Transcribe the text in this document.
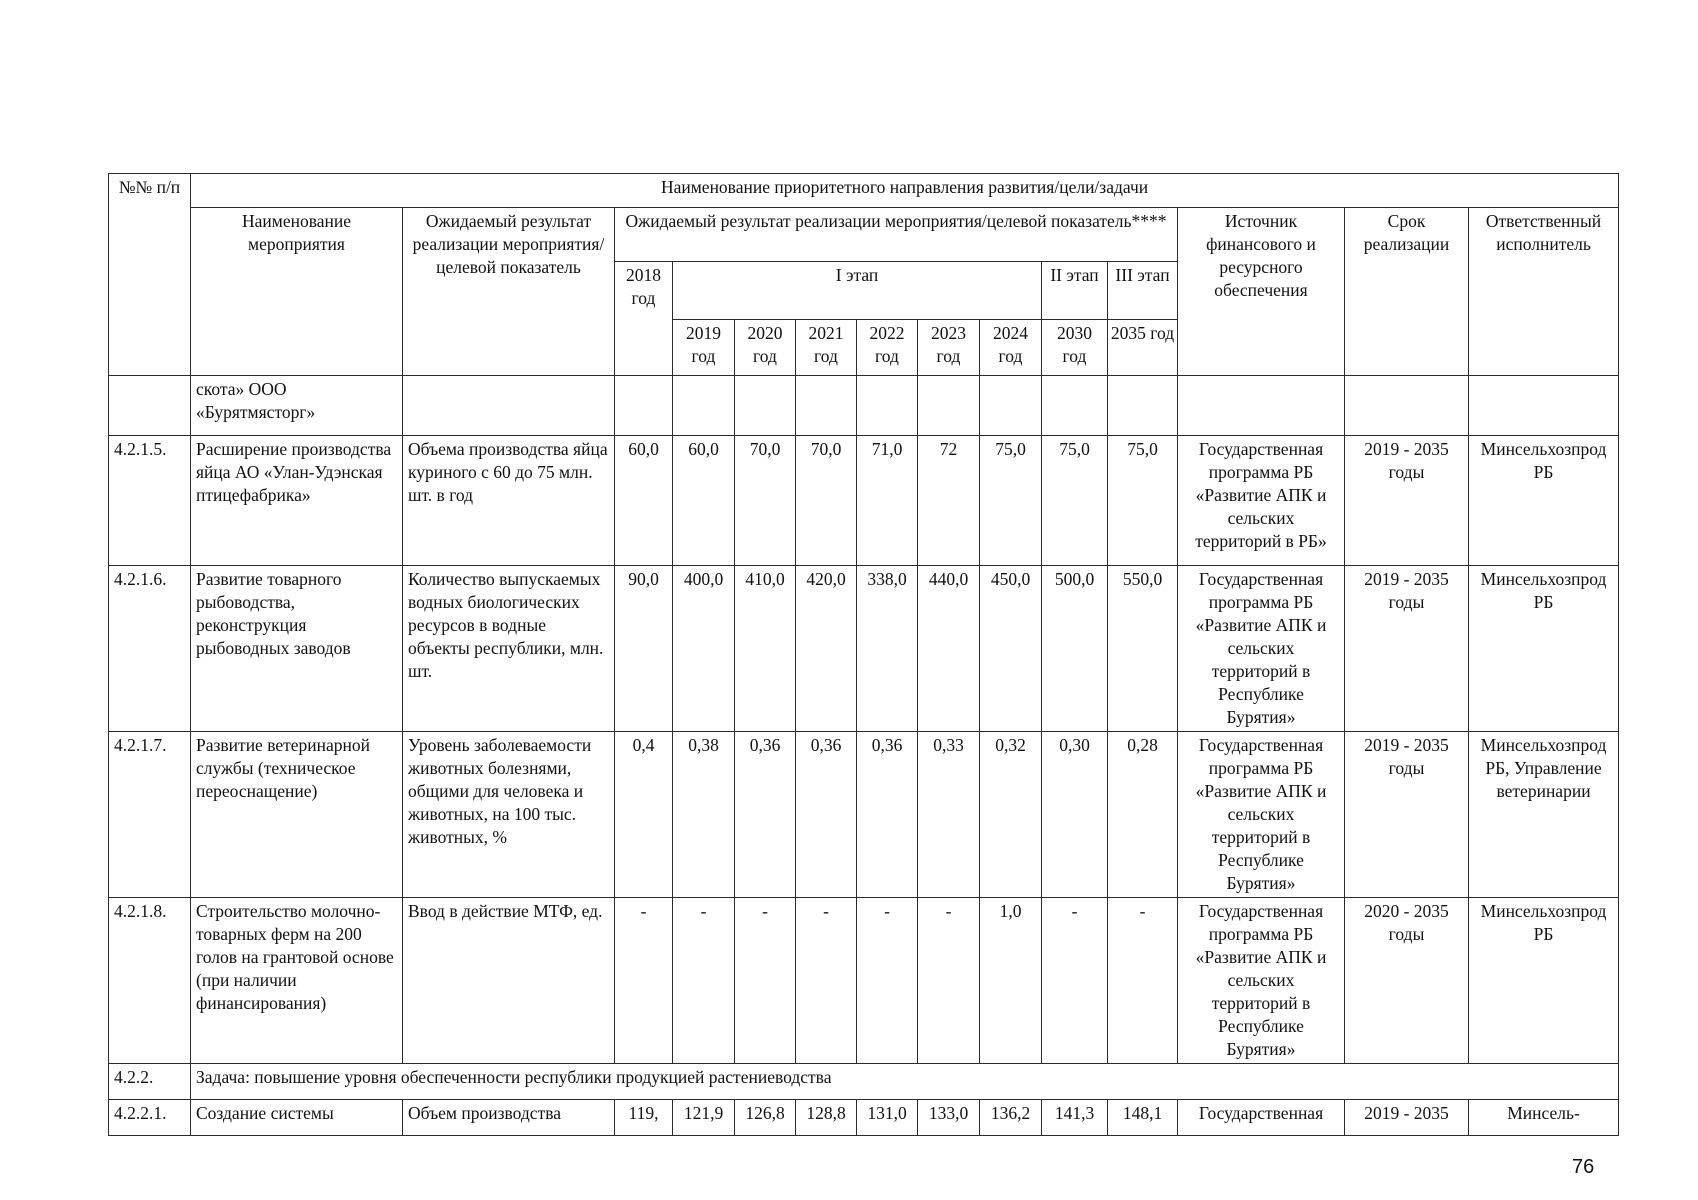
№№ п/п	Наименование приоритетного направления развития/цели/задачи													
	Наименование мероприятия	Ожидаемый результат реализации мероприятия/целевой показатель	Ожидаемый результат реализации мероприятия/целевой показатель****									Источник финансового и ресурсного обеспечения	Срок реализации	Ответственный исполнитель
			2018 год	I этап						II этап	III этап			
				2019 год	2020 год	2021 год	2022 год	2023 год	2024 год	2030 год	2035 год			
	скота» ООО «Бурятмясторг»													
4.2.1.5.	Расширение производства яйца АО «Улан-Удэнская птицефабрика»	Объема производства яйца куриного с 60 до 75 млн. шт. в год	60,0	60,0	70,0	70,0	71,0	72	75,0	75,0	75,0	Государственная программа РБ «Развитие АПК и сельских территорий в РБ»	2019 - 2035 годы	Минсельхозпрод РБ
4.2.1.6.	Развитие товарного рыбоводства, реконструкция рыбоводных заводов	Количество выпускаемых водных биологических ресурсов в водные объекты республики, млн. шт.	90,0	400,0	410,0	420,0	338,0	440,0	450,0	500,0	550,0	Государственная программа РБ «Развитие АПК и сельских территорий в Республике Бурятия»	2019 - 2035 годы	Минсельхозпрод РБ
4.2.1.7.	Развитие ветеринарной службы (техническое переоснащение)	Уровень заболеваемости животных болезнями, общими для человека и животных, на 100 тыс. животных, %	0,4	0,38	0,36	0,36	0,36	0,33	0,32	0,30	0,28	Государственная программа РБ «Развитие АПК и сельских территорий в Республике Бурятия»	2019 - 2035 годы	Минсельхозпрод РБ, Управление ветеринарии
4.2.1.8.	Строительство молочно-товарных ферм на 200 голов на грантовой основе (при наличии финансирования)	Ввод в действие МТФ, ед.	-	-	-	-	-	-	1,0	-	-	Государственная программа РБ «Развитие АПК и сельских территорий в Республике Бурятия»	2020 - 2035 годы	Минсельхозпрод РБ
4.2.2.	Задача: повышение уровня обеспеченности республики продукцией растениеводства													
4.2.2.1.	Создание системы	Объем производства	119,	121,9	126,8	128,8	131,0	133,0	136,2	141,3	148,1	Государственная	2019 - 2035	Минсель-
76
